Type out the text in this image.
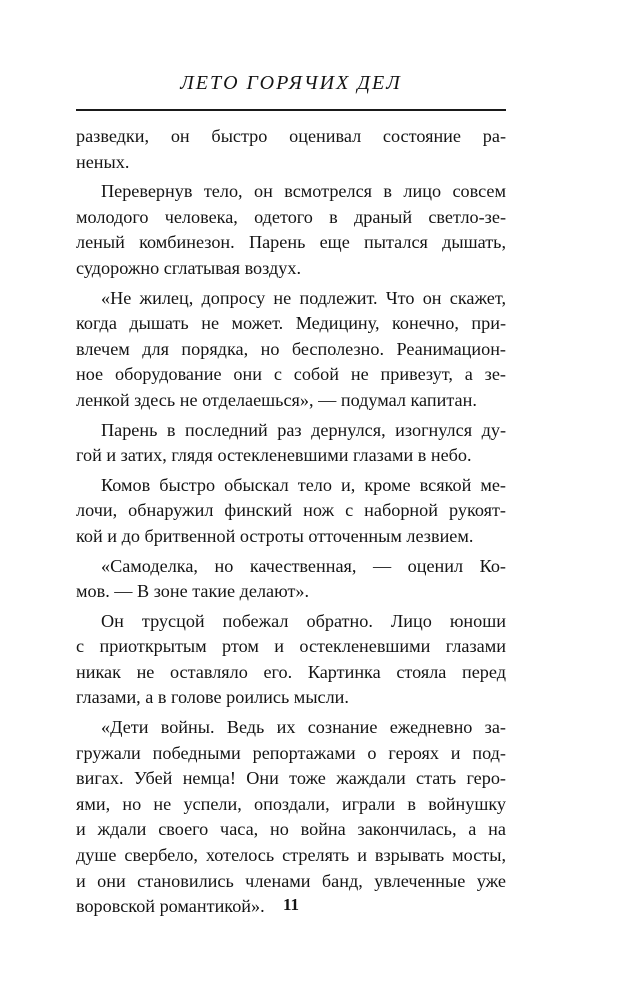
ЛЕТО ГОРЯЧИХ ДЕЛ
разведки, он быстро оценивал состояние ра-
неных.
Перевернув тело, он всмотрелся в лицо совсем
молодого человека, одетого в драный светло-зе-
леный комбинезон. Парень еще пытался дышать,
судорожно сглатывая воздух.
«Не жилец, допросу не подлежит. Что он скажет,
когда дышать не может. Медицину, конечно, при-
влечем для порядка, но бесполезно. Реанимацион-
ное оборудование они с собой не привезут, а зе-
ленкой здесь не отделаешься», — подумал капитан.
Парень в последний раз дернулся, изогнулся ду-
гой и затих, глядя остекленевшими глазами в небо.
Комов быстро обыскал тело и, кроме всякой ме-
лочи, обнаружил финский нож с наборной рукоят-
кой и до бритвенной остроты отточенным лезвием.
«Самоделка, но качественная, — оценил Ко-
мов. — В зоне такие делают».
Он трусцой побежал обратно. Лицо юноши
с приоткрытым ртом и остекленевшими глазами
никак не оставляло его. Картинка стояла перед
глазами, а в голове роились мысли.
«Дети войны. Ведь их сознание ежедневно за-
гружали победными репортажами о героях и под-
вигах. Убей немца! Они тоже жаждали стать геро-
ями, но не успели, опоздали, играли в войнушку
и ждали своего часа, но война закончилась, а на
душе свербело, хотелось стрелять и взрывать мосты,
и они становились членами банд, увлеченные уже
воровской романтикой».	11
